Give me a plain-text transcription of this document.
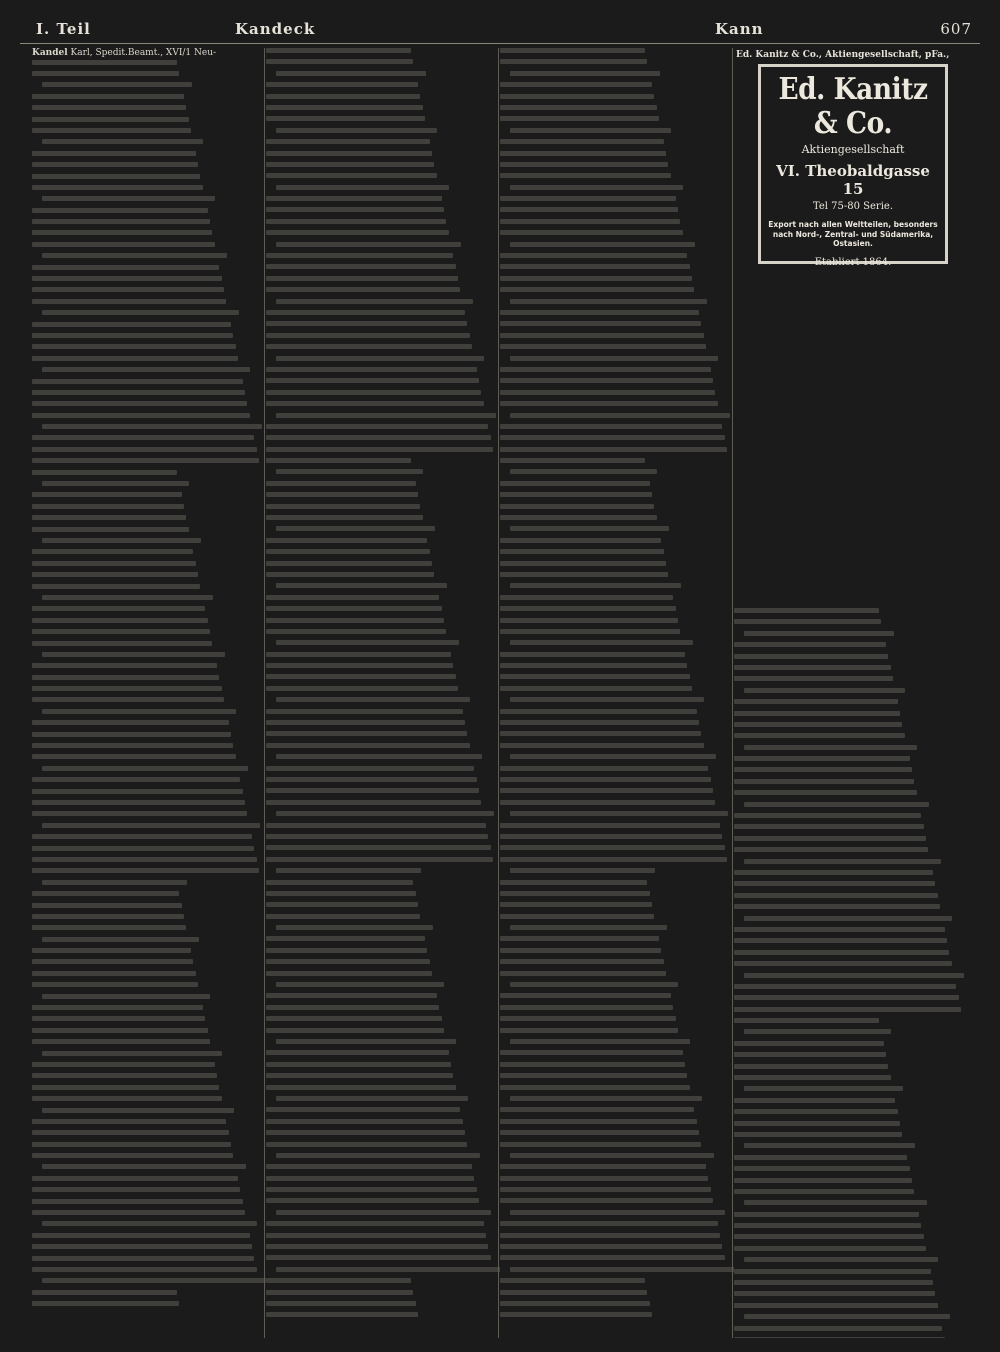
I. Teil	Kandeck	Kann	607
Kandel Karl, Spedit.Beamt., XVI/1 Neu-	Ed. Kanitz & Co., Aktiengesellschaft, pFa.,
Ed. Kanitz & Co.
Aktiengesellschaft
VI. Theobaldgasse 15
Tel 75-80 Serie.
Export nach allen Weltteilen, besonders nach Nord-, Zentral- und Südamerika, Ostasien.
Etabliert 1864.
